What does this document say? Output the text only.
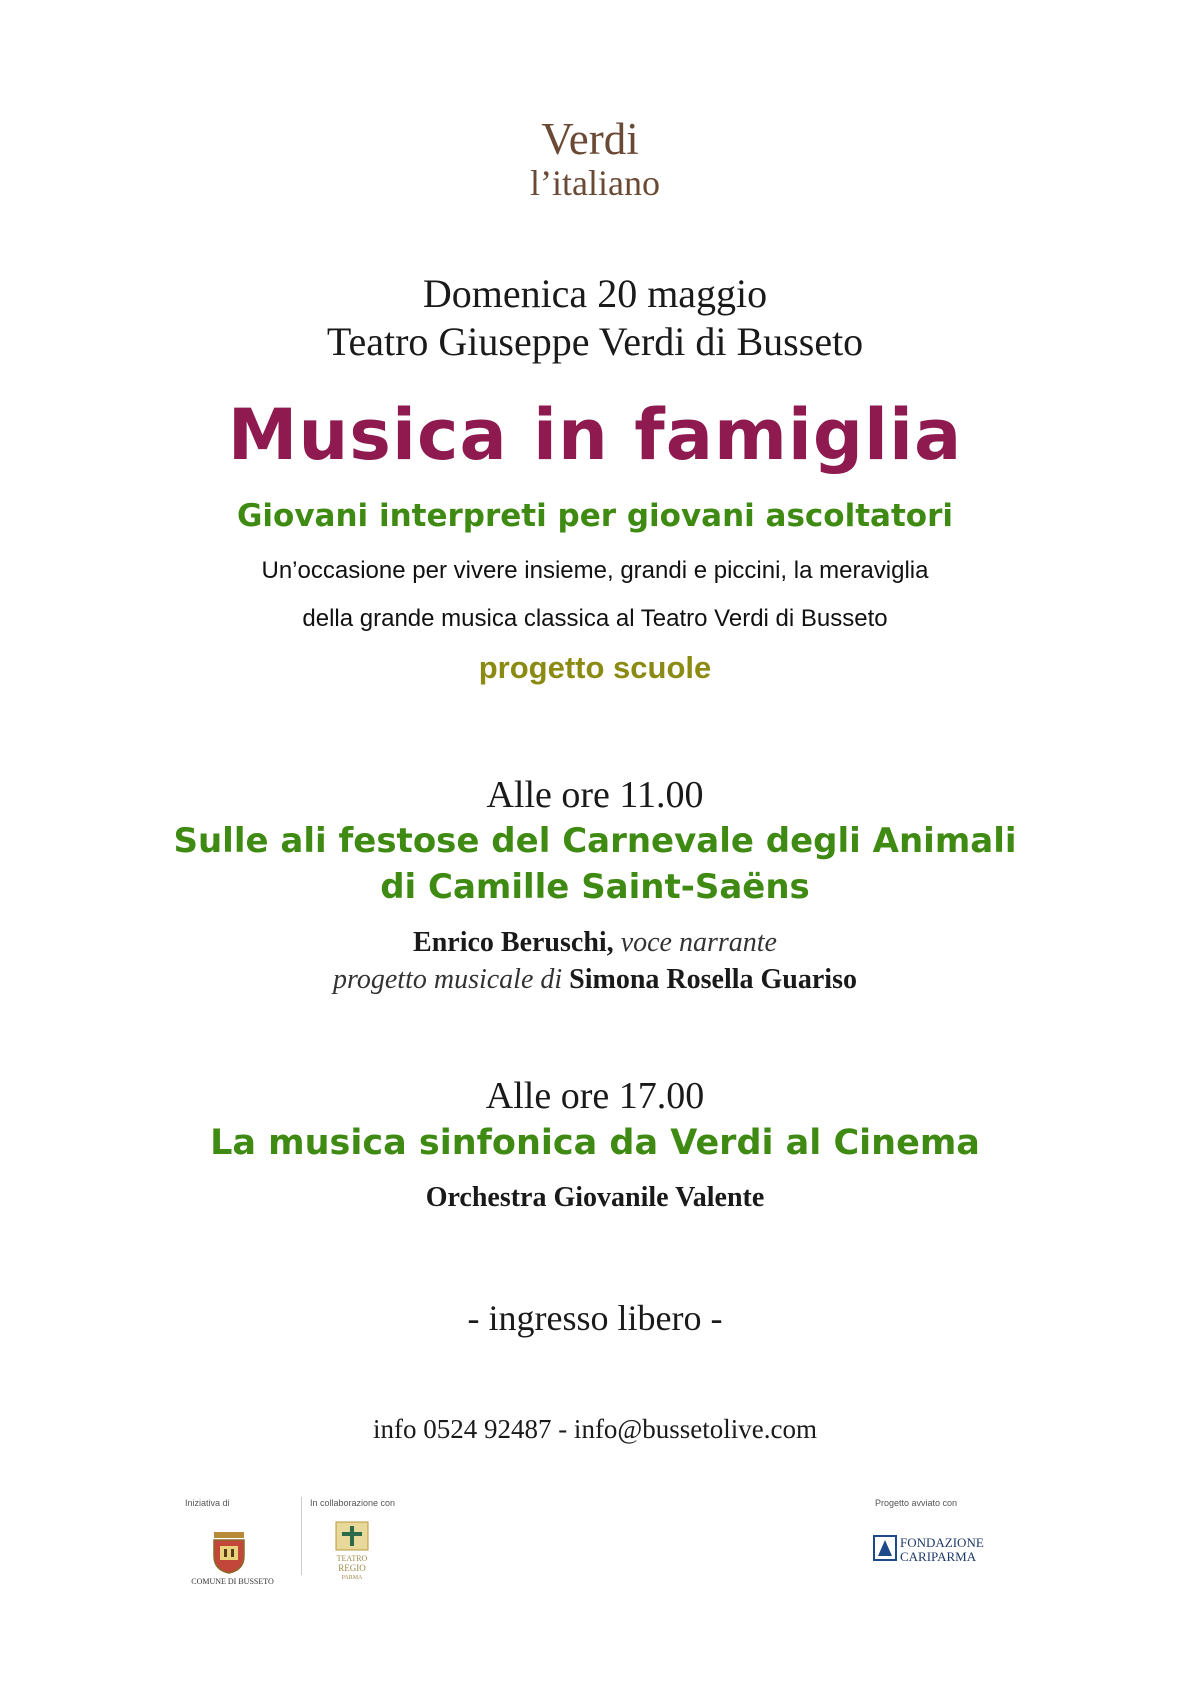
Verdi
l’italiano
Domenica 20 maggio
Teatro Giuseppe Verdi di Busseto
Musica in famiglia
Giovani interpreti per giovani ascoltatori
Un’occasione per vivere insieme, grandi e piccini, la meraviglia
della grande musica classica al Teatro Verdi di Busseto
progetto scuole
Alle ore 11.00
Sulle ali festose del Carnevale degli Animali
di Camille Saint-Saëns
Enrico Beruschi, voce narrante
progetto musicale di Simona Rosella Guariso
Alle ore 17.00
La musica sinfonica da Verdi al Cinema
Orchestra Giovanile Valente
- ingresso libero -
info 0524 92487 - info@bussetolive.com
Iniziativa di
COMUNE DI BUSSETO
In collaborazione con
TEATRO
REGIO
PARMA
Progetto avviato con
FONDAZIONE
CARIPARMA
